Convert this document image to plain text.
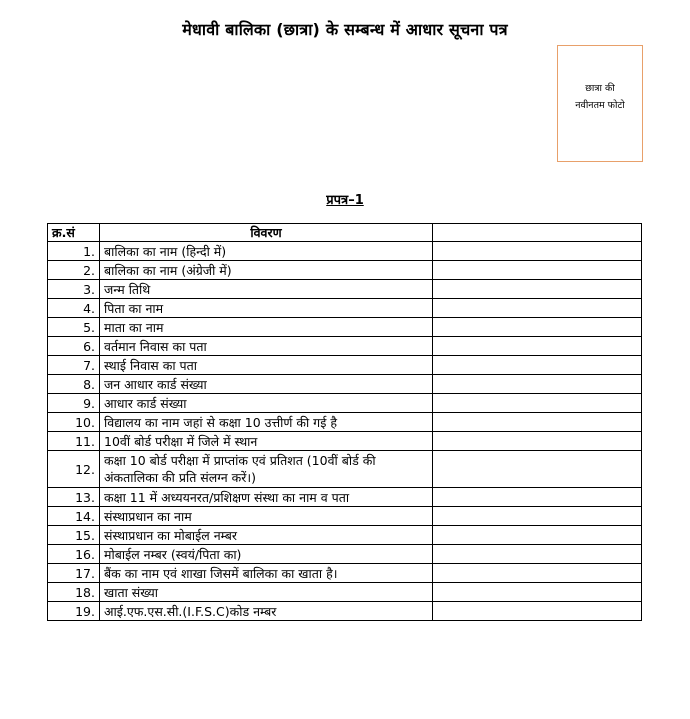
मेधावी बालिका (छात्रा) के सम्बन्ध में आधार सूचना पत्र
छात्रा की
नवीनतम फोटो
प्रपत्र–1
क्र.सं	विवरण	
1.	बालिका का नाम (हिन्दी में)	
2.	बालिका का नाम (अंग्रेजी में)	
3.	जन्म तिथि	
4.	पिता का नाम	
5.	माता का नाम	
6.	वर्तमान निवास का पता	
7.	स्थाई निवास का पता	
8.	जन आधार कार्ड संख्या	
9.	आधार कार्ड संख्या	
10.	विद्यालय का नाम जहां से कक्षा 10 उत्तीर्ण की गई है	
11.	10वीं बोर्ड परीक्षा में जिले में स्थान	
12.	कक्षा 10 बोर्ड परीक्षा में प्राप्तांक एवं प्रतिशत (10वीं बोर्ड की अंकतालिका की प्रति संलग्न करें।)	
13.	कक्षा 11 में अध्ययनरत/प्रशिक्षण संस्था का नाम व पता	
14.	संस्थाप्रधान का नाम	
15.	संस्थाप्रधान का मोबाईल नम्बर	
16.	मोबाईल नम्बर (स्वयं/पिता का)	
17.	बैंक का नाम एवं शाखा जिसमें बालिका का खाता है।	
18.	खाता संख्या	
19.	आई.एफ.एस.सी.(I.F.S.C)कोड नम्बर	
